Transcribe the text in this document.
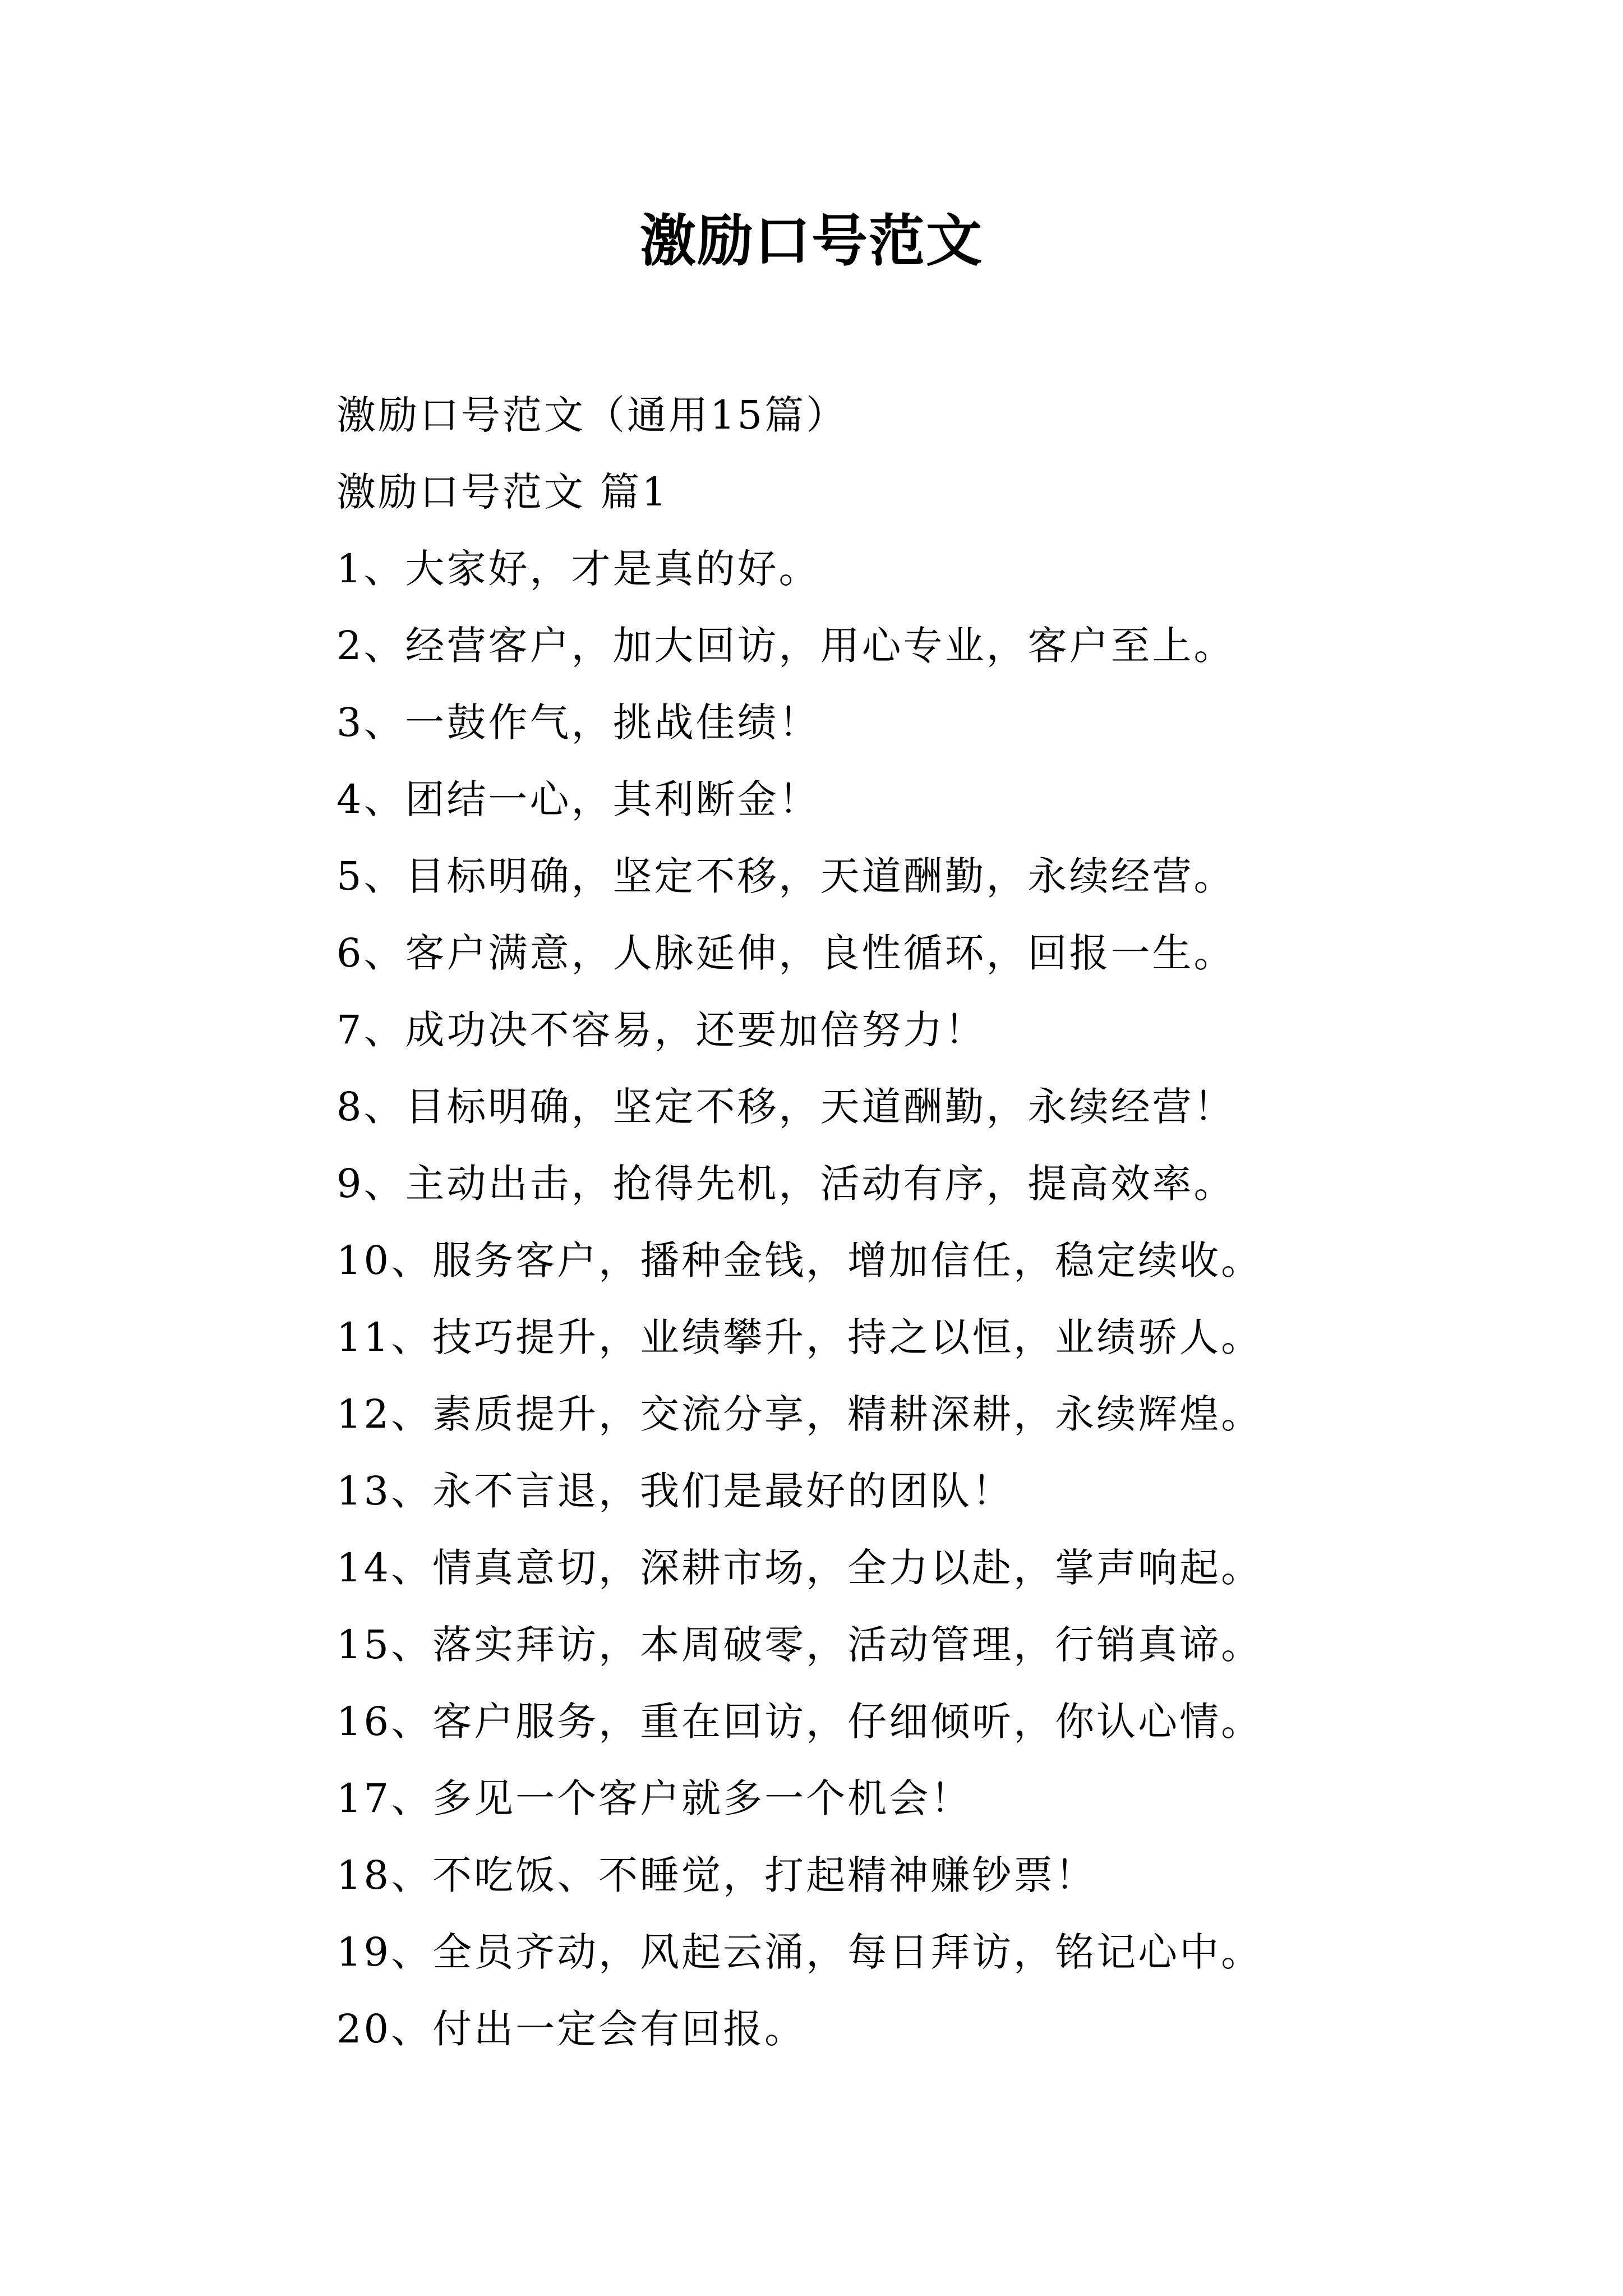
激励口号范文
激励口号范文（通用15篇）
激励口号范文 篇1
1、大家好，才是真的好。
2、经营客户，加大回访，用心专业，客户至上。
3、一鼓作气，挑战佳绩！
4、团结一心，其利断金！
5、目标明确，坚定不移，天道酬勤，永续经营。
6、客户满意，人脉延伸，良性循环，回报一生。
7、成功决不容易，还要加倍努力！
8、目标明确，坚定不移，天道酬勤，永续经营！
9、主动出击，抢得先机，活动有序，提高效率。
10、服务客户，播种金钱，增加信任，稳定续收。
11、技巧提升，业绩攀升，持之以恒，业绩骄人。
12、素质提升，交流分享，精耕深耕，永续辉煌。
13、永不言退，我们是最好的团队！
14、情真意切，深耕市场，全力以赴，掌声响起。
15、落实拜访，本周破零，活动管理，行销真谛。
16、客户服务，重在回访，仔细倾听，你认心情。
17、多见一个客户就多一个机会！
18、不吃饭、不睡觉，打起精神赚钞票！
19、全员齐动，风起云涌，每日拜访，铭记心中。
20、付出一定会有回报。
